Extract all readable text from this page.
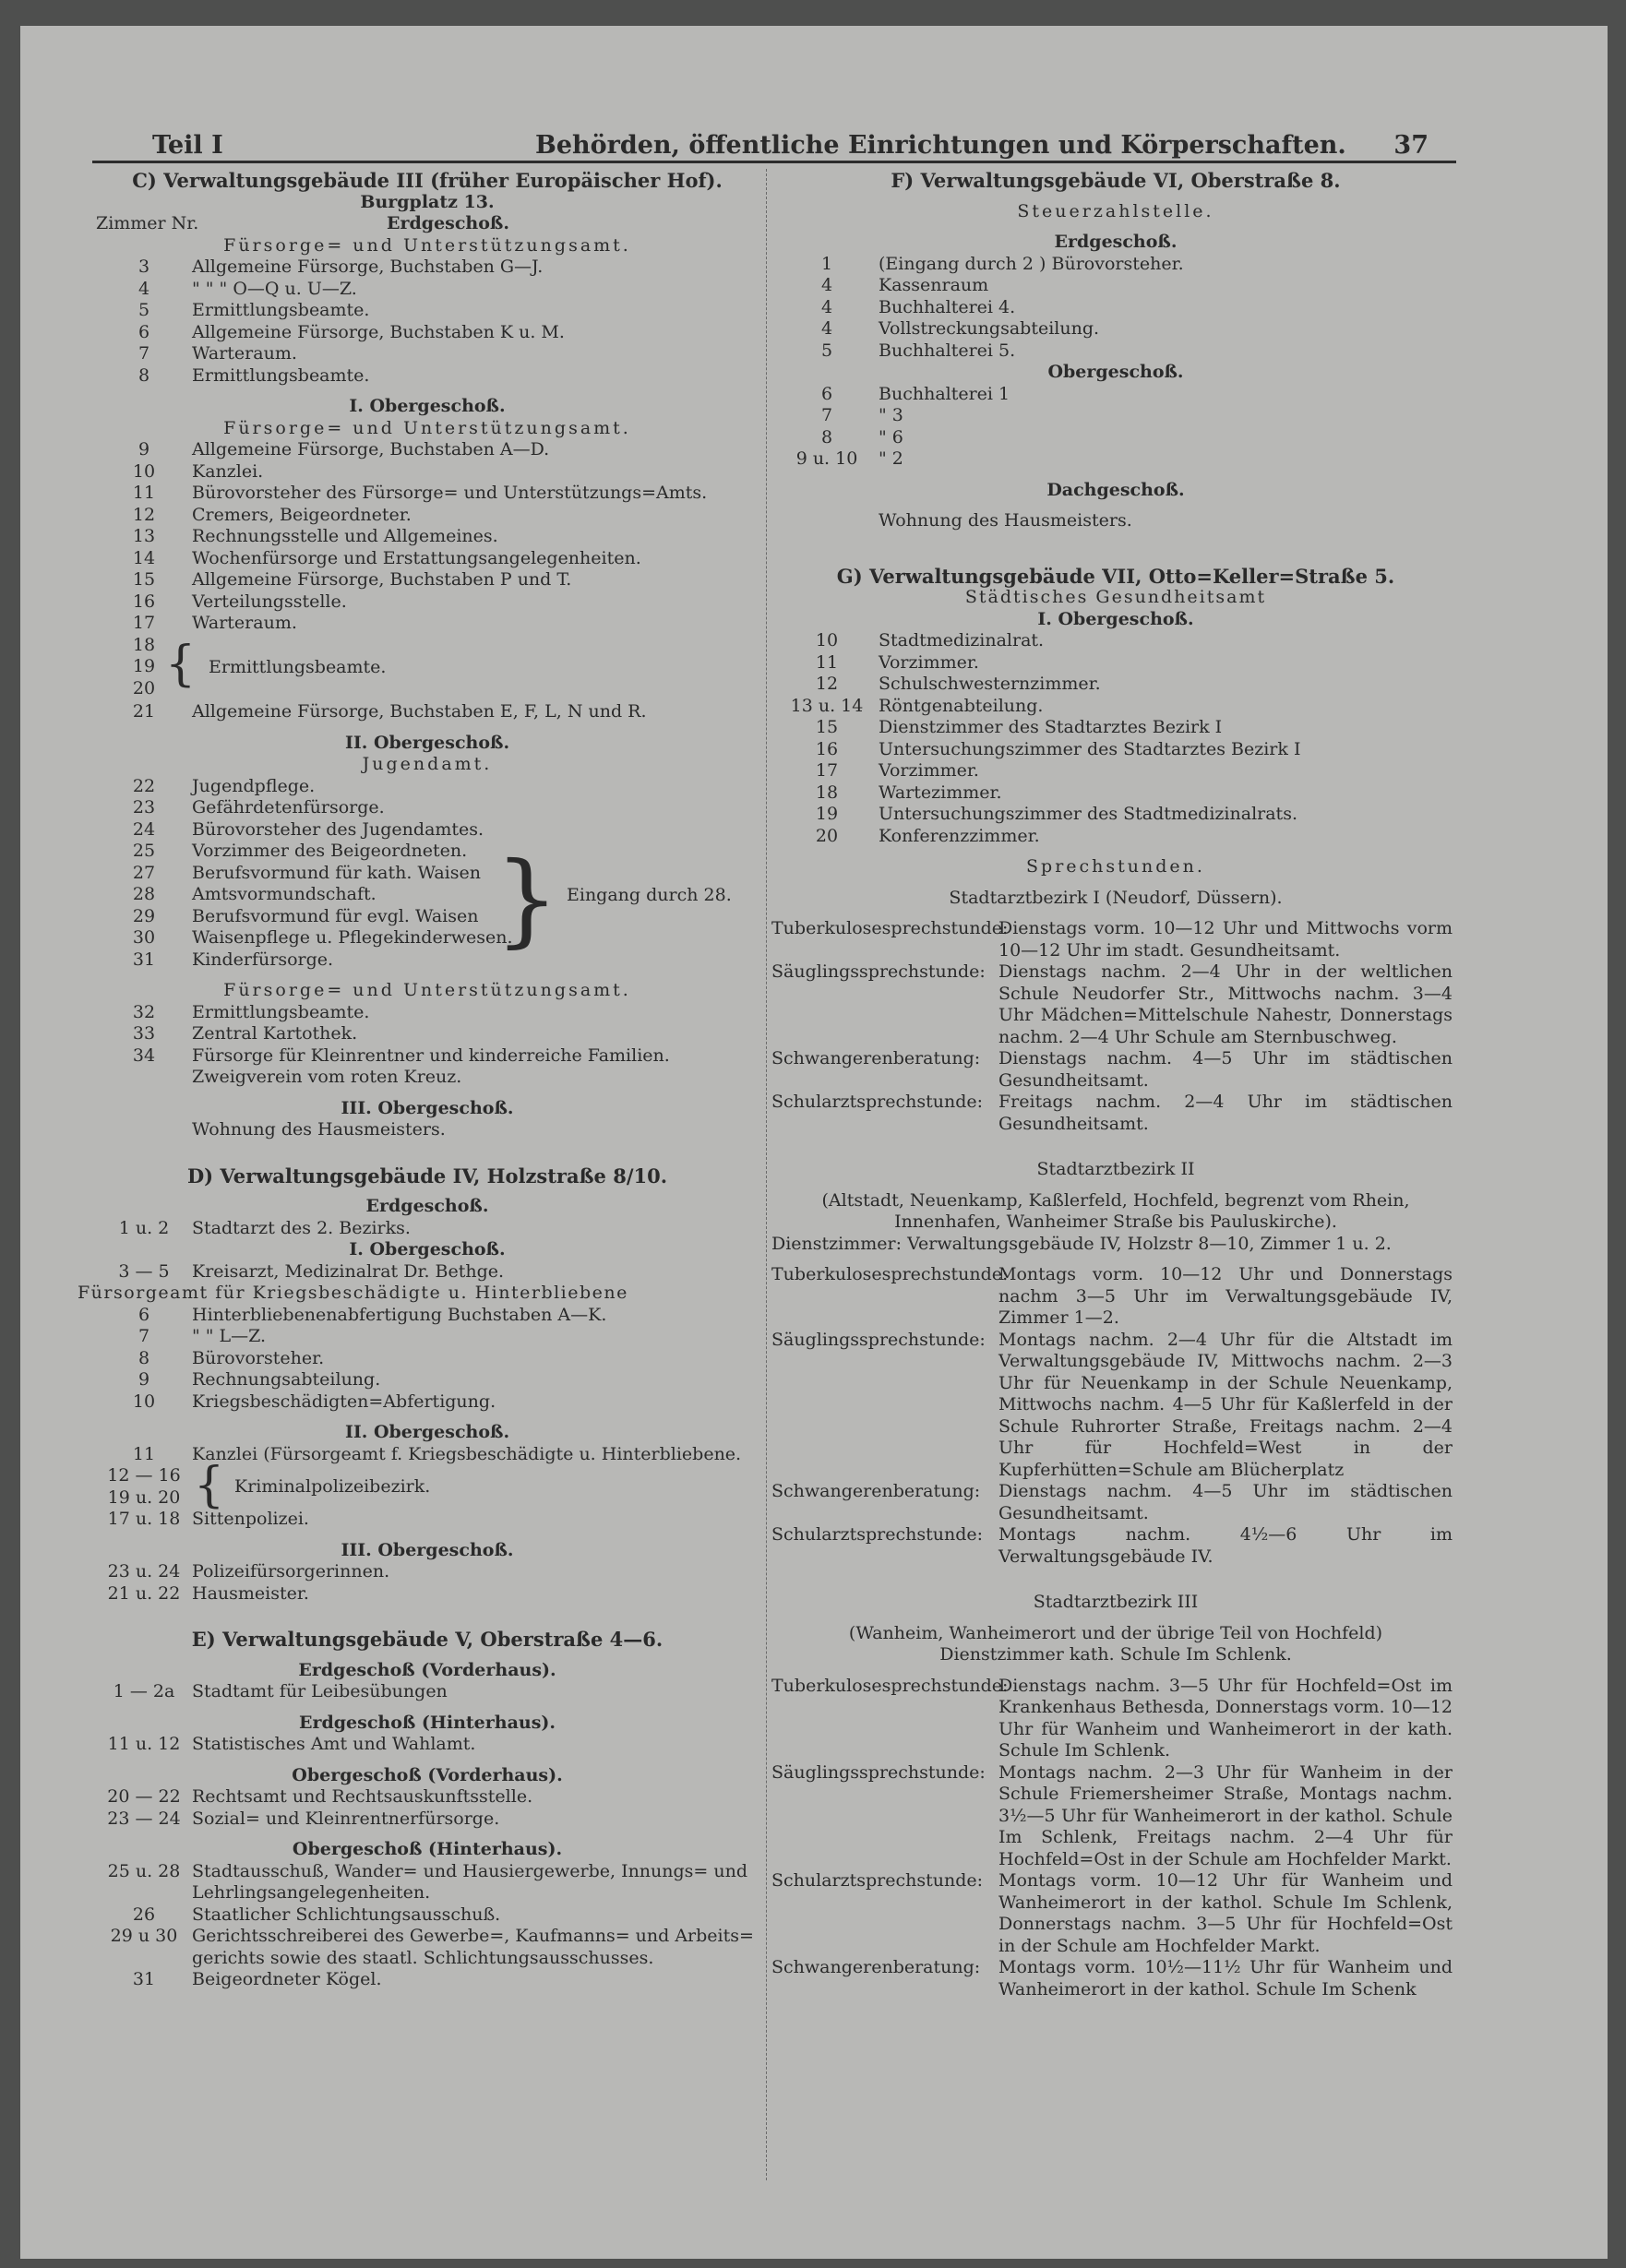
Teil I	Behörden, öffentliche Einrichtungen und Körperschaften. 37
C) Verwaltungsgebäude III (früher Europäischer Hof).
Burgplatz 13.
Zimmer Nr.	Erdgeschoß.
Fürsorge= und Unterstützungsamt.
3	Allgemeine Fürsorge, Buchstaben G—J.
4	" " " O—Q u. U—Z.
5	Ermittlungsbeamte.
6	Allgemeine Fürsorge, Buchstaben K u. M.
7	Warteraum.
8	Ermittlungsbeamte.
I. Obergeschoß.
Fürsorge= und Unterstützungsamt.
9	Allgemeine Fürsorge, Buchstaben A—D.
10	Kanzlei.
11	Bürovorsteher des Fürsorge= und Unterstützungs=Amts.
12	Cremers, Beigeordneter.
13	Rechnungsstelle und Allgemeines.
14	Wochenfürsorge und Erstattungsangelegenheiten.
15	Allgemeine Fürsorge, Buchstaben P und T.
16	Verteilungsstelle.
17	Warteraum.
18
19
20 { Ermittlungsbeamte.
21	Allgemeine Fürsorge, Buchstaben E, F, L, N und R.
II. Obergeschoß.
Jugendamt.
22	Jugendpflege.
23	Gefährdetenfürsorge.
24	Bürovorsteher des Jugendamtes.
25	Vorzimmer des Beigeordneten.
27	Berufsvormund für kath. Waisen
28	Amtsvormundschaft.
29	Berufsvormund für evgl. Waisen
30	Waisenpflege u. Pflegekinderwesen.
31	Kinderfürsorge.
} Eingang durch 28.
Fürsorge= und Unterstützungsamt.
32	Ermittlungsbeamte.
33	Zentral Kartothek.
34	Fürsorge für Kleinrentner und kinderreiche Familien.
Zweigverein vom roten Kreuz.
III. Obergeschoß.
Wohnung des Hausmeisters.
D) Verwaltungsgebäude IV, Holzstraße 8/10.
Erdgeschoß.
1 u. 2	Stadtarzt des 2. Bezirks.
I. Obergeschoß.
3 — 5	Kreisarzt, Medizinalrat Dr. Bethge.
Fürsorgeamt für Kriegsbeschädigte u. Hinterbliebene
6	Hinterbliebenenabfertigung Buchstaben A—K.
7	" " L—Z.
8	Bürovorsteher.
9	Rechnungsabteilung.
10	Kriegsbeschädigten=Abfertigung.
II. Obergeschoß.
11	Kanzlei (Fürsorgeamt f. Kriegsbeschädigte u. Hinterbliebene.
12 — 16
19 u. 20 { Kriminalpolizeibezirk.
17 u. 18 Sittenpolizei.
III. Obergeschoß.
23 u. 24 Polizeifürsorgerinnen.
21 u. 22 Hausmeister.
E) Verwaltungsgebäude V, Oberstraße 4—6.
Erdgeschoß (Vorderhaus).
1 — 2a Stadtamt für Leibesübungen
Erdgeschoß (Hinterhaus).
11 u. 12 Statistisches Amt und Wahlamt.
Obergeschoß (Vorderhaus).
20 — 22 Rechtsamt und Rechtsauskunftsstelle.
23 — 24 Sozial= und Kleinrentnerfürsorge.
Obergeschoß (Hinterhaus).
25 u. 28 Stadtausschuß, Wander= und Hausiergewerbe, Innungs= und
Lehrlingsangelegenheiten.
26	Staatlicher Schlichtungsausschuß.
29 u 30 Gerichtsschreiberei des Gewerbe=, Kaufmanns= und Arbeits=
gerichts sowie des staatl. Schlichtungsausschusses.
31	Beigeordneter Kögel.
F) Verwaltungsgebäude VI, Oberstraße 8.
Steuerzahlstelle.
Erdgeschoß.
1	(Eingang durch 2 ) Bürovorsteher.
4	Kassenraum
4	Buchhalterei 4.
4	Vollstreckungsabteilung.
5	Buchhalterei 5.
Obergeschoß.
6	Buchhalterei 1
7	" 3
8	" 6
9 u. 10	" 2
Dachgeschoß.
Wohnung des Hausmeisters.
G) Verwaltungsgebäude VII, Otto=Keller=Straße 5.
Städtisches Gesundheitsamt
I. Obergeschoß.
10	Stadtmedizinalrat.
11	Vorzimmer.
12	Schulschwesternzimmer.
13 u. 14 Röntgenabteilung.
15	Dienstzimmer des Stadtarztes Bezirk I
16	Untersuchungszimmer des Stadtarztes Bezirk I
17	Vorzimmer.
18	Wartezimmer.
19	Untersuchungszimmer des Stadtmedizinalrats.
20	Konferenzzimmer.
Sprechstunden.
Stadtarztbezirk I (Neudorf, Düssern).
Tuberkulosesprechstunde:
Dienstags vorm. 10—12 Uhr und Mittwochs vorm 10—12 Uhr im stadt. Gesundheitsamt.
Säuglingssprechstunde: Dienstags nachm. 2—4 Uhr in der weltlichen Schule Neudorfer Str., Mittwochs nachm. 3—4 Uhr Mädchen=Mittelschule Nahestr, Donnerstags nachm. 2—4 Uhr Schule am Sternbuschweg.
Schwangerenberatung:	Dienstags nachm. 4—5 Uhr im städtischen Gesundheitsamt.
Schularztsprechstunde: Freitags nachm. 2—4 Uhr im städtischen Gesundheitsamt.
Stadtarztbezirk II
(Altstadt, Neuenkamp, Kaßlerfeld, Hochfeld, begrenzt vom Rhein,
Innenhafen, Wanheimer Straße bis Pauluskirche).
Dienstzimmer: Verwaltungsgebäude IV, Holzstr 8—10, Zimmer 1 u. 2.
Tuberkulosesprechstunde:
Montags vorm. 10—12 Uhr und Donnerstags nachm 3—5 Uhr im Verwaltungsgebäude IV, Zimmer 1—2.
Säuglingssprechstunde: Montags nachm. 2—4 Uhr für die Altstadt im Verwaltungsgebäude IV, Mittwochs nachm. 2—3 Uhr für Neuenkamp in der Schule Neuenkamp, Mittwochs nachm. 4—5 Uhr für Kaßlerfeld in der Schule Ruhrorter Straße, Freitags nachm. 2—4 Uhr für Hochfeld=West in der Kupferhütten=Schule am Blücherplatz
Schwangerenberatung:	Dienstags nachm. 4—5 Uhr im städtischen Gesundheitsamt.
Schularztsprechstunde: Montags nachm. 4½—6 Uhr im Verwaltungsgebäude IV.
Stadtarztbezirk III
(Wanheim, Wanheimerort und der übrige Teil von Hochfeld)
Dienstzimmer kath. Schule Im Schlenk.
Tuberkulosesprechstunde:
Dienstags nachm. 3—5 Uhr für Hochfeld=Ost im Krankenhaus Bethesda, Donnerstags vorm. 10—12 Uhr für Wanheim und Wanheimerort in der kath. Schule Im Schlenk.
Säuglingssprechstunde: Montags nachm. 2—3 Uhr für Wanheim in der Schule Friemersheimer Straße, Montags nachm. 3½—5 Uhr für Wanheimerort in der kathol. Schule Im Schlenk, Freitags nachm. 2—4 Uhr für Hochfeld=Ost in der Schule am Hochfelder Markt.
Schularztsprechstunde: Montags vorm. 10—12 Uhr für Wanheim und Wanheimerort in der kathol. Schule Im Schlenk, Donnerstags nachm. 3—5 Uhr für Hochfeld=Ost in der Schule am Hochfelder Markt.
Schwangerenberatung:	Montags vorm. 10½—11½ Uhr für Wanheim und Wanheimerort in der kathol. Schule Im Schenk
